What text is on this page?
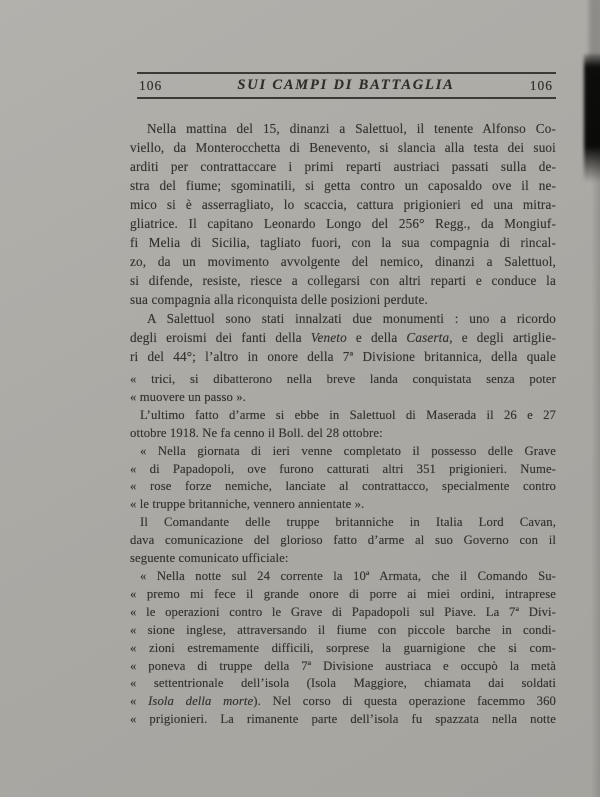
106	SUI CAMPI DI BATTAGLIA	106
Nella mattina del 15, dinanzi a Salettuol, il tenente Alfonso Co-
viello, da Monterocchetta di Benevento, si slancia alla testa dei suoi
arditi per contrattaccare i primi reparti austriaci passati sulla de-
stra del fiume; sgominatili, si getta contro un caposaldo ove il ne-
mico si è asserragliato, lo scaccia, cattura prigionieri ed una mitra-
gliatrice. Il capitano Leonardo Longo del 256° Regg., da Mongiuf-
fi Melia di Sicilia, tagliato fuori, con la sua compagnia di rincal-
zo, da un movimento avvolgente del nemico, dinanzi a Salettuol,
si difende, resiste, riesce a collegarsi con altri reparti e conduce la
sua compagnia alla riconquista delle posizioni perdute.
A Salettuol sono stati innalzati due monumenti : uno a ricordo
degli eroismi dei fanti della Veneto e della Caserta, e degli artiglie-
ri del 44°; l’altro in onore della 7ª Divisione britannica, della quale
« trici, si dibatterono nella breve landa conquistata senza poter
« muovere un passo ».
L’ultimo fatto d’arme si ebbe in Salettuol di Maserada il 26 e 27
ottobre 1918. Ne fa cenno il Boll. del 28 ottobre:
« Nella giornata di ieri venne completato il possesso delle Grave
« di Papadopoli, ove furono catturati altri 351 prigionieri. Nume-
« rose forze nemiche, lanciate al contrattacco, specialmente contro
« le truppe britanniche, vennero annientate ».
Il Comandante delle truppe britanniche in Italia Lord Cavan,
dava comunicazione del glorioso fatto d’arme al suo Governo con il
seguente comunicato ufficiale:
« Nella notte sul 24 corrente la 10ª Armata, che il Comando Su-
« premo mi fece il grande onore di porre ai miei ordini, intraprese
« le operazioni contro le Grave di Papadopoli sul Piave. La 7ª Divi-
« sione inglese, attraversando il fiume con piccole barche in condi-
« zioni estremamente difficili, sorprese la guarnigione che si com-
« poneva di truppe della 7ª Divisione austriaca e occupò la metà
« settentrionale dell’isola (Isola Maggiore, chiamata dai soldati
« Isola della morte). Nel corso di questa operazione facemmo 360
« prigionieri. La rimanente parte dell’isola fu spazzata nella notte
